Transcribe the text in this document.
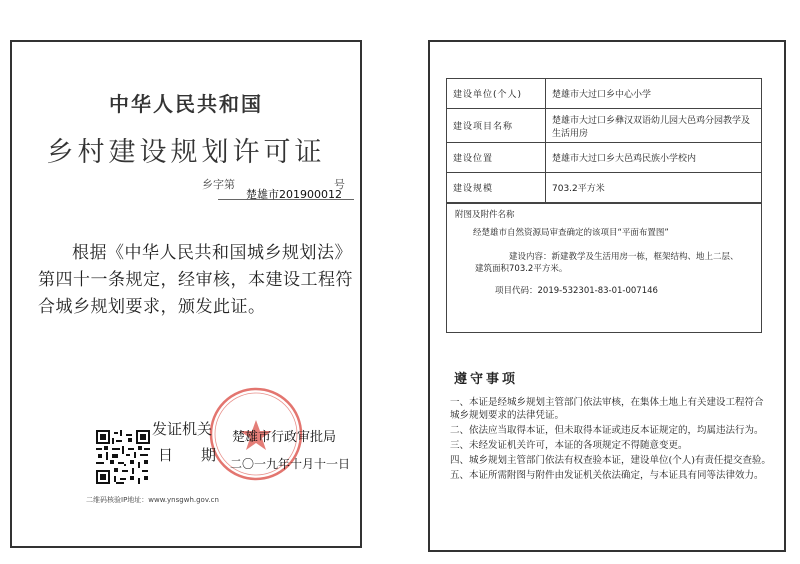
中华人民共和国
乡村建设规划许可证
乡字第
楚雄市201900012
号
根据《中华人民共和国城乡规划法》第四十一条规定，经审核，本建设工程符合城乡规划要求，颁发此证。
发证机关 楚雄市行政审批局
日期
二〇一九年十月十一日
二维码核验IP地址：www.ynsgwh.gov.cn
建设单位(个人)	楚雄市大过口乡中心小学
建设项目名称	楚雄市大过口乡彝汉双语幼儿园大邑鸡分园教学及生活用房
建设位置	楚雄市大过口乡大邑鸡民族小学校内
建设规模	703.2平方米
附图及附件名称
经楚雄市自然资源局审查确定的该项目“平面布置图”
建设内容：新建教学及生活用房一栋，框架结构、地上二层、
建筑面积703.2平方米。
项目代码：2019-532301-83-01-007146
遵守事项
一、本证是经城乡规划主管部门依法审核，在集体土地上有关建设工程符合城乡规划要求的法律凭证。
二、依法应当取得本证，但未取得本证或违反本证规定的，均属违法行为。
三、未经发证机关许可，本证的各项规定不得随意变更。
四、城乡规划主管部门依法有权查验本证，建设单位(个人)有责任提交查验。
五、本证所需附图与附件由发证机关依法确定，与本证具有同等法律效力。
